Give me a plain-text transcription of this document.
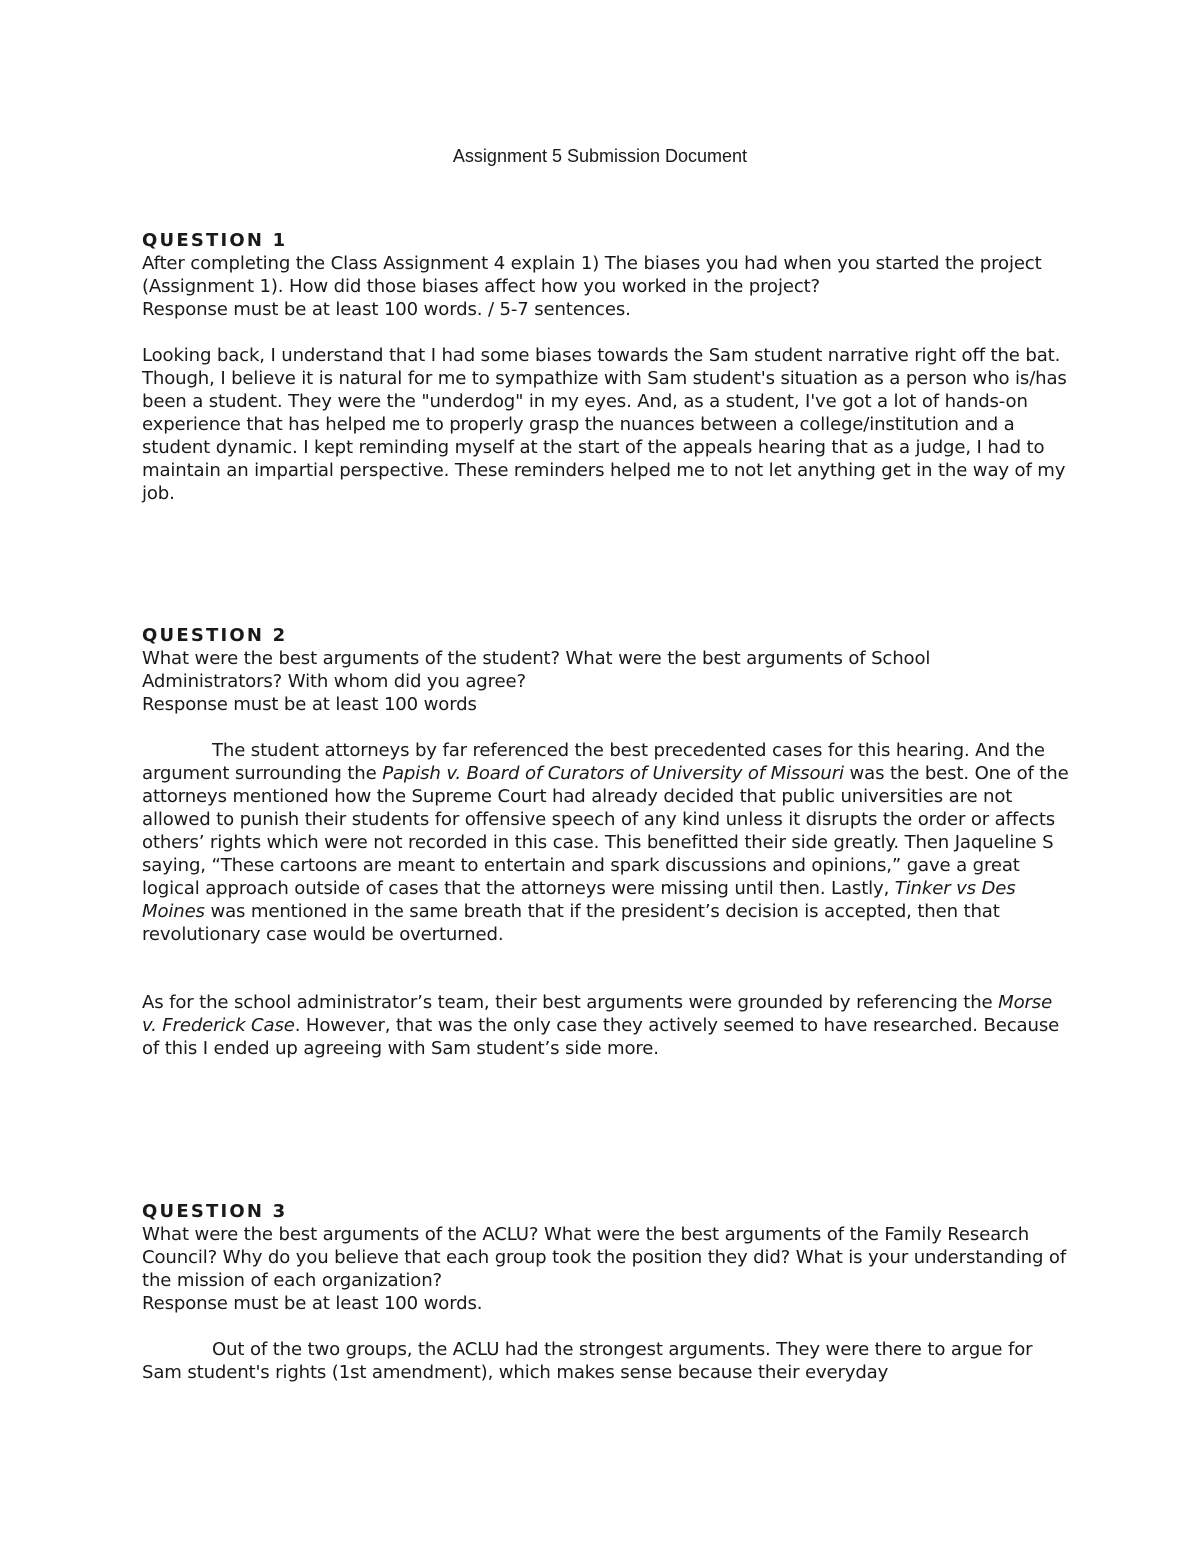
Assignment 5 Submission Document
QUESTION 1

After completing the Class Assignment 4 explain 1) The biases you had when you started the project (Assignment 1). How did those biases affect how you worked in the project?

Response must be at least 100 words. / 5-7 sentences.

Looking back, I understand that I had some biases towards the Sam student narrative right off the bat. Though, I believe it is natural for me to sympathize with Sam student's situation as a person who is/has been a student. They were the "underdog" in my eyes. And, as a student, I've got a lot of hands-on experience that has helped me to properly grasp the nuances between a college/institution and a student dynamic. I kept reminding myself at the start of the appeals hearing that as a judge, I had to maintain an impartial perspective. These reminders helped me to not let anything get in the way of my job.

QUESTION 2

What were the best arguments of the student? What were the best arguments of School Administrators? With whom did you agree?

Response must be at least 100 words

The student attorneys by far referenced the best precedented cases for this hearing. And the argument surrounding the Papish v. Board of Curators of University of Missouri was the best. One of the attorneys mentioned how the Supreme Court had already decided that public universities are not allowed to punish their students for offensive speech of any kind unless it disrupts the order or affects others’ rights which were not recorded in this case. This benefitted their side greatly. Then Jaqueline S saying, “These cartoons are meant to entertain and spark discussions and opinions,” gave a great logical approach outside of cases that the attorneys were missing until then. Lastly, Tinker vs Des Moines was mentioned in the same breath that if the president’s decision is accepted, then that revolutionary case would be overturned.

As for the school administrator’s team, their best arguments were grounded by referencing the Morse v. Frederick Case. However, that was the only case they actively seemed to have researched. Because of this I ended up agreeing with Sam student’s side more.

QUESTION 3

What were the best arguments of the ACLU? What were the best arguments of the Family Research Council? Why do you believe that each group took the position they did? What is your understanding of the mission of each organization?

Response must be at least 100 words.

Out of the two groups, the ACLU had the strongest arguments. They were there to argue for Sam student's rights (1st amendment), which makes sense because their everyday
